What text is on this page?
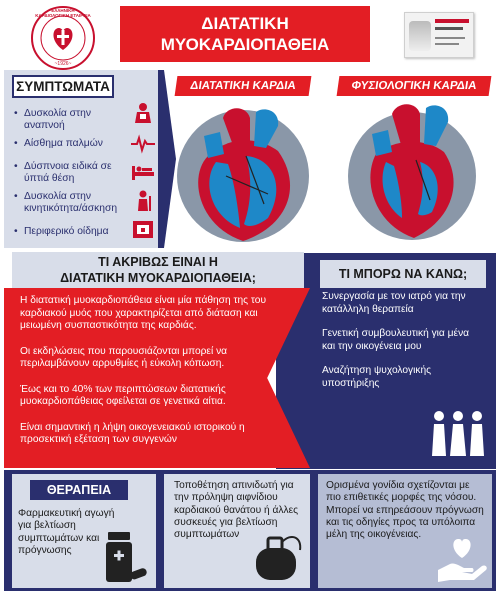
ΕΛΛΗΝΙΚΗ ΚΑΡΔΙΟΛΟΓΙΚΗ ΕΤΑΙΡΕΙΑ
~1926~
ΔΙΑΤΑΤΙΚΗ
ΜΥΟΚΑΡΔΙΟΠΑΘΕΙΑ
ΣΥΜΠΤΩΜΑΤΑ
• Δυσκολία στην αναπνοή
• Αίσθημα παλμών
• Δύσπνοια ειδικά σε ύπτιά θέση
• Δυσκολία στην κινητικότητα/άσκηση
• Περιφερικό οίδημα
ΔΙΑΤΑΤΙΚΗ ΚΑΡΔΙΑ	ΦΥΣΙΟΛΟΓΙΚΗ ΚΑΡΔΙΑ
ΤΙ ΑΚΡΙΒΩΣ ΕΙΝΑΙ Η
ΔΙΑΤΑΤΙΚΗ ΜΥΟΚΑΡΔΙΟΠΑΘΕΙΑ;	ΤΙ ΜΠΟΡΩ ΝΑ ΚΑΝΩ;

Η διατατική μυοκαρδιοπάθεια είναι μία πάθηση της του καρδιακού μυός που χαρακτηρίζεται από διάταση και μειωμένη συσπαστικότητα της καρδιάς.

Οι εκδηλώσεις που παρουσιάζονται μπορεί να περιλαμβάνουν αρρυθμίες ή εύκολη κόπωση.

Έως και το 40% των περιπτώσεων διατατικής μυοκαρδιοπάθειας οφείλεται σε γενετικά αίτια.

Είναι σημαντική η λήψη οικογενειακού ιστορικού η προσεκτική εξέταση των συγγενών

Συνεργασία με τον ιατρό για την κατάλληλη θεραπεία

Γενετική συμβουλευτική για μένα και την οικογένεια μου

Αναζήτηση ψυχολογικής υποστήριξης

ΘΕΡΑΠΕΙΑ
Φαρμακευτική αγωγή για βελτίωση συμπτωμάτων και πρόγνωσης
Τοποθέτηση απινιδωτή για την πρόληψη αιφνίδιου καρδιακού θανάτου ή άλλες συσκευές για βελτίωση συμπτωμάτων
Ορισμένα γονίδια σχετίζονται με πιο επιθετικές μορφές της νόσου. Μπορεί να επηρεάσουν πρόγνωση και τις οδηγίες προς τα υπόλοιπα μέλη της οικογένειας.
